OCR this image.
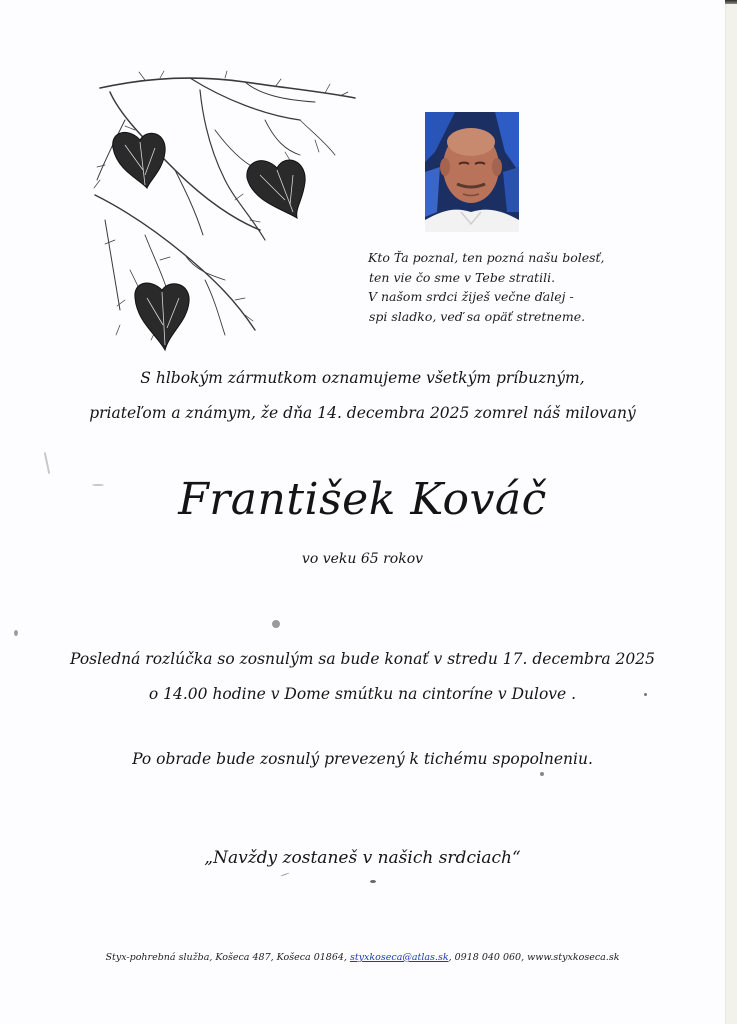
Kto Ťa poznal, ten pozná našu bolesť,
ten vie čo sme v Tebe stratili.
V našom srdci žiješ večne ďalej -
spi sladko, veď sa opäť stretneme.
S hlbokým zármutkom oznamujeme všetkým príbuzným,
priateľom a známym, že dňa 14. decembra 2025 zomrel náš milovaný
František Kováč
vo veku 65 rokov
Posledná rozlúčka so zosnulým sa bude konať v stredu 17. decembra 2025
o 14.00 hodine v Dome smútku na cintoríne v Dulove .
Po obrade bude zosnulý prevezený k tichému spopolneniu.
„Navždy zostaneš v našich srdciach“
Styx-pohrebná služba, Košeca 487, Košeca 01864, styxkoseca@atlas.sk, 0918 040 060, www.styxkoseca.sk
